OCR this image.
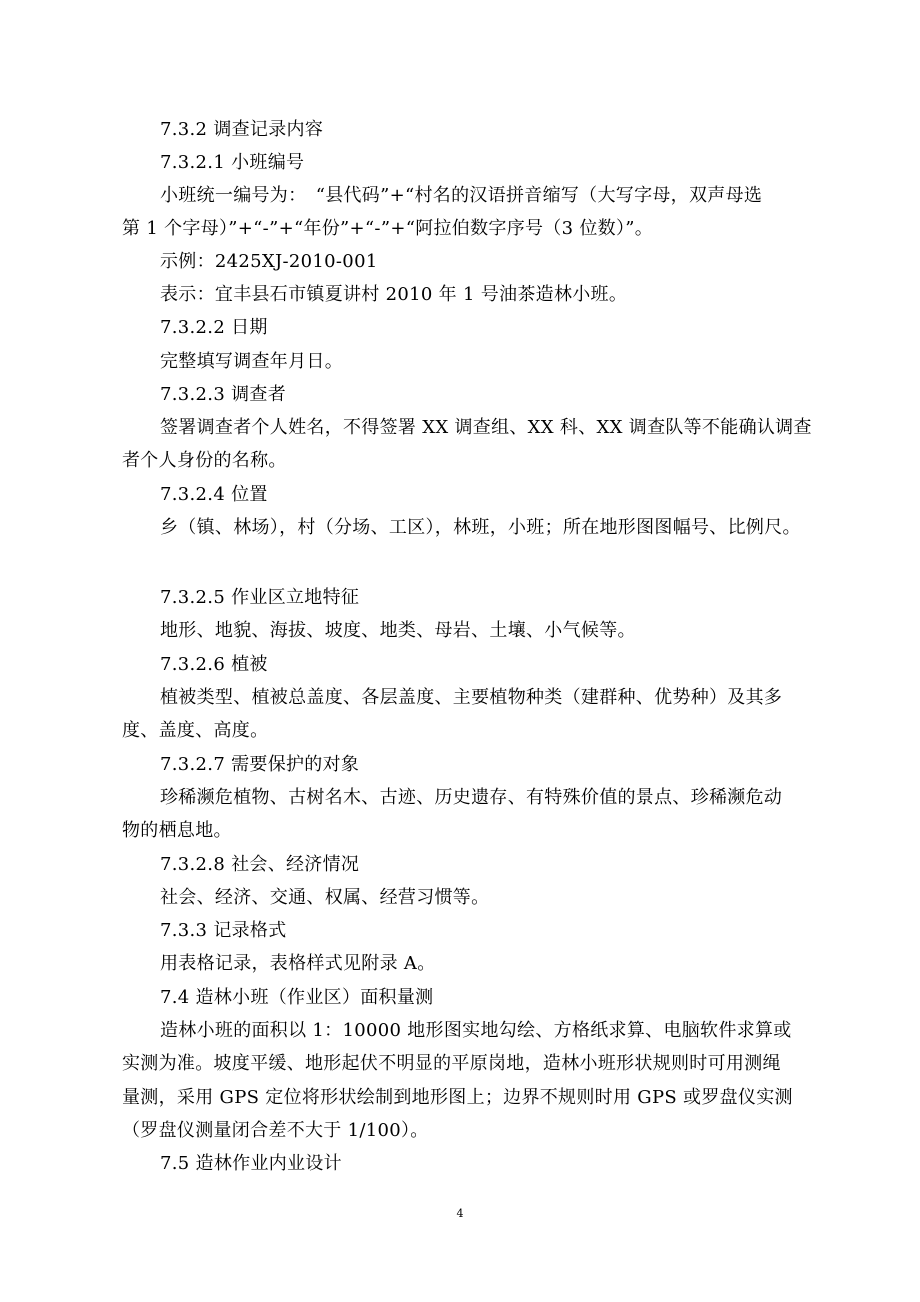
7.3.2 调查记录内容
7.3.2.1 小班编号
小班统一编号为：　“县代码”+“村名的汉语拼音缩写（大写字母，双声母选
第 1 个字母）”+“-”+“年份”+“-”+“阿拉伯数字序号（3 位数）”。
示例：2425XJ-2010-001
表示：宜丰县石市镇夏讲村 2010 年 1 号油茶造林小班。
7.3.2.2 日期
完整填写调查年月日。
7.3.2.3 调查者
签署调查者个人姓名，不得签署 XX 调查组、XX 科、XX 调查队等不能确认调查
者个人身份的名称。
7.3.2.4 位置
乡（镇、林场），村（分场、工区），林班，小班；所在地形图图幅号、比例尺。
7.3.2.5 作业区立地特征
地形、地貌、海拔、坡度、地类、母岩、土壤、小气候等。
7.3.2.6 植被
植被类型、植被总盖度、各层盖度、主要植物种类（建群种、优势种）及其多
度、盖度、高度。
7.3.2.7 需要保护的对象
珍稀濒危植物、古树名木、古迹、历史遗存、有特殊价值的景点、珍稀濒危动
物的栖息地。
7.3.2.8 社会、经济情况
社会、经济、交通、权属、经营习惯等。
7.3.3 记录格式
用表格记录，表格样式见附录 A。
7.4 造林小班（作业区）面积量测
造林小班的面积以 1：10000 地形图实地勾绘、方格纸求算、电脑软件求算或
实测为准。坡度平缓、地形起伏不明显的平原岗地，造林小班形状规则时可用测绳
量测，采用 GPS 定位将形状绘制到地形图上；边界不规则时用 GPS 或罗盘仪实测
（罗盘仪测量闭合差不大于 1/100）。
7.5 造林作业内业设计
4
